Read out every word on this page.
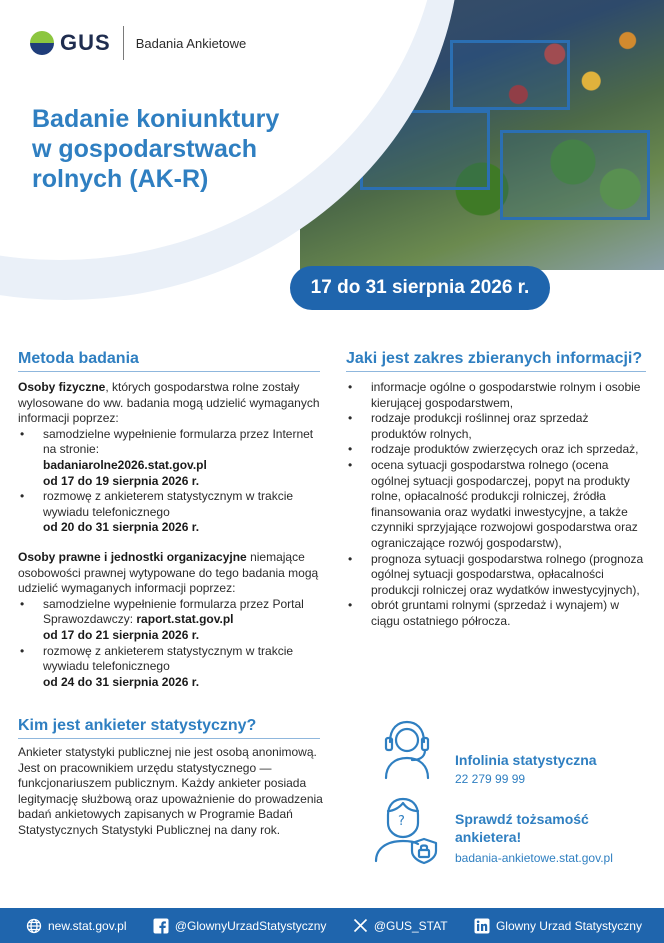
GUS Badania Ankietowe
Badanie koniunktury
w gospodarstwach
rolnych (AK-R)
17 do 31 sierpnia 2026 r.
Metoda badania

Osoby fizyczne, których gospodarstwa rolne zostały wylosowane do ww. badania mogą udzielić wymaganych informacji poprzez:

• samodzielne wypełnienie formularza przez Internet na stronie:
badaniarolne2026.stat.gov.pl
od 17 do 19 sierpnia 2026 r.
• rozmowę z ankieterem statystycznym w trakcie wywiadu telefonicznego
od 20 do 31 sierpnia 2026 r.

Osoby prawne i jednostki organizacyjne niemające osobowości prawnej wytypowane do tego badania mogą udzielić wymaganych informacji poprzez:

• samodzielne wypełnienie formularza przez Portal Sprawozdawczy: raport.stat.gov.pl
od 17 do 21 sierpnia 2026 r.
• rozmowę z ankieterem statystycznym w trakcie wywiadu telefonicznego
od 24 do 31 sierpnia 2026 r.
Jaki jest zakres zbieranych informacji?
• informacje ogólne o gospodarstwie rolnym i osobie kierującej gospodarstwem,
• rodzaje produkcji roślinnej oraz sprzedaż produktów rolnych,
• rodzaje produktów zwierzęcych oraz ich sprzedaż,
• ocena sytuacji gospodarstwa rolnego (ocena ogólnej sytuacji gospodarczej, popyt na produkty rolne, opłacalność produkcji rolniczej, źródła finansowania oraz wydatki inwestycyjne, a także czynniki sprzyjające rozwojowi gospodarstwa oraz ograniczające rozwój gospodarstw),
• prognoza sytuacji gospodarstwa rolnego (prognoza ogólnej sytuacji gospodarstwa, opłacalności produkcji rolniczej oraz wydatków inwestycyjnych),
• obrót gruntami rolnymi (sprzedaż i wynajem) w ciągu ostatniego półrocza.
Kim jest ankieter statystyczny?
Ankieter statystyki publicznej nie jest osobą anonimową. Jest on pracownikiem urzędu statystycznego — funkcjonariuszem publicznym. Każdy ankieter posiada legitymację służbową oraz upoważnienie do prowadzenia badań ankietowych zapisanych w Programie Badań Statystycznych Statystyki Publicznej na dany rok.
Infolinia statystyczna
22 279 99 99
?	Sprawdź tożsamość
ankietera!
badania-ankietowe.stat.gov.pl
new.stat.gov.pl	@GlownyUrzadStatystyczny	@GUS_STAT	Glowny Urzad Statystyczny
